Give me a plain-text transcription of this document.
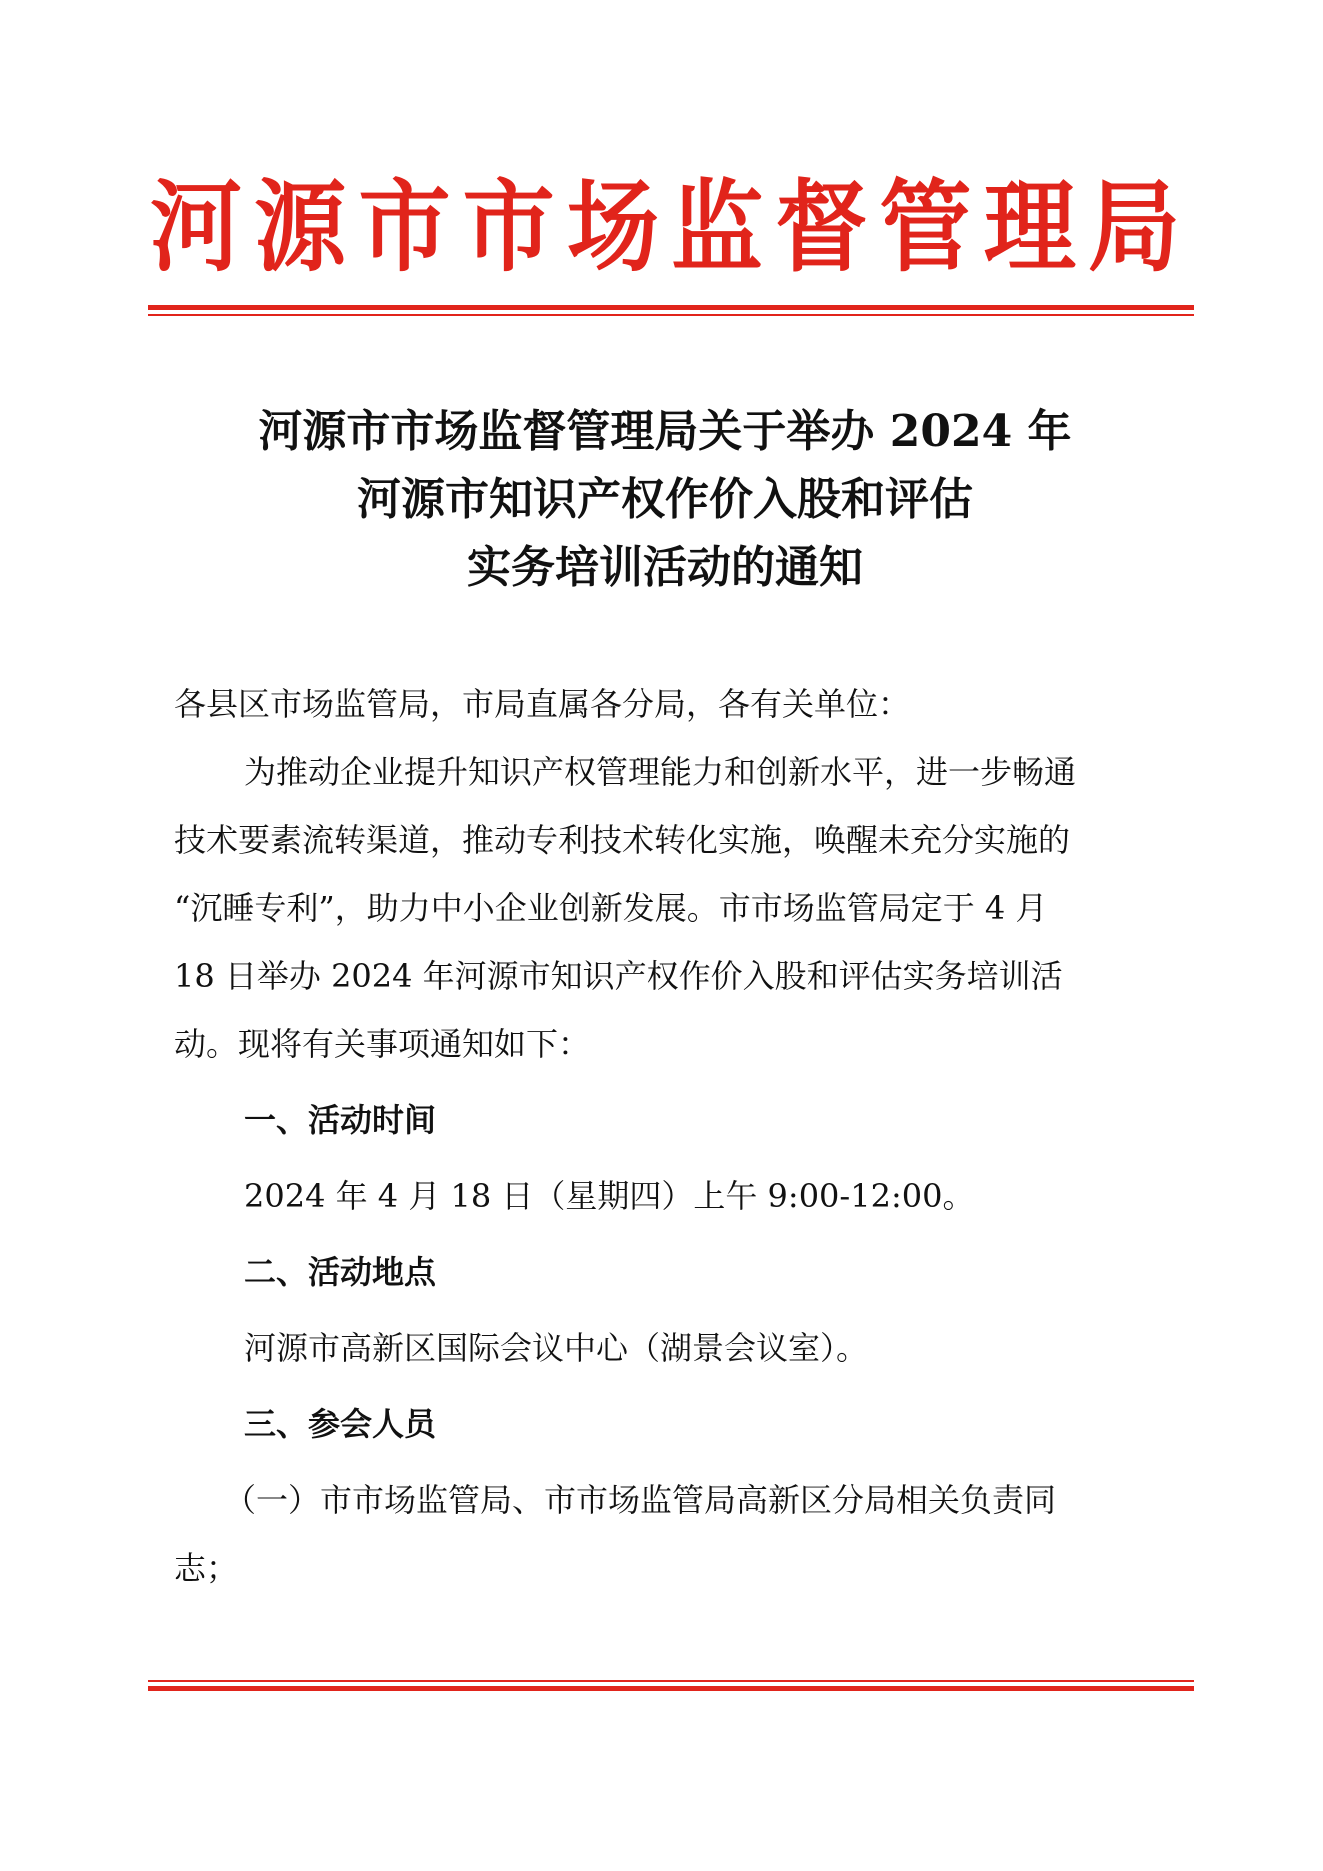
河 源 市 市 场 监 督 管 理 局
河源市市场监督管理局关于举办 2024 年
河源市知识产权作价入股和评估
实务培训活动的通知
各县区市场监管局，市局直属各分局，各有关单位：
为推动企业提升知识产权管理能力和创新水平，进一步畅通
技术要素流转渠道，推动专利技术转化实施，唤醒未充分实施的
“沉睡专利”，助力中小企业创新发展。市市场监管局定于 4 月
18 日举办 2024 年河源市知识产权作价入股和评估实务培训活
动。现将有关事项通知如下：
一、活动时间
2024 年 4 月 18 日（星期四）上午 9:00-12:00。
二、活动地点
河源市高新区国际会议中心（湖景会议室）。
三、参会人员
（一）市市场监管局、市市场监管局高新区分局相关负责同
志；
